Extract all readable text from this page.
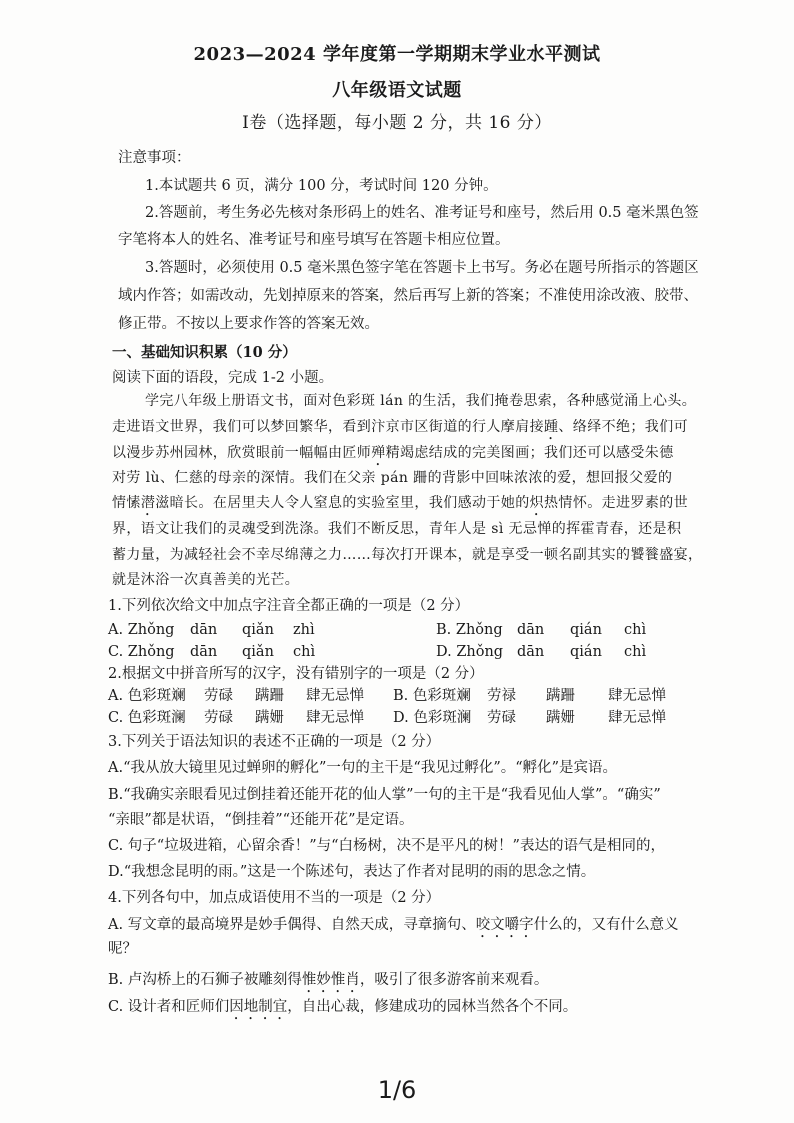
2023—2024 学年度第一学期期末学业水平测试
八年级语文试题
Ⅰ卷（选择题，每小题 2 分，共 16 分）
注意事项：
1.本试题共 6 页，满分 100 分，考试时间 120 分钟。
2.答题前，考生务必先核对条形码上的姓名、准考证号和座号，然后用 0.5 毫米黑色签
字笔将本人的姓名、准考证号和座号填写在答题卡相应位置。
3.答题时，必须使用 0.5 毫米黑色签字笔在答题卡上书写。务必在题号所指示的答题区
域内作答；如需改动，先划掉原来的答案，然后再写上新的答案；不准使用涂改液、胶带、
修正带。不按以上要求作答的答案无效。
一、基础知识积累（10 分）
阅读下面的语段，完成 1-2 小题。
学完八年级上册语文书，面对色彩斑 lán 的生活，我们掩卷思索，各种感觉涌上心头。
走进语文世界，我们可以梦回繁华，看到汴京市区街道的行人摩肩接踵、络绎不绝；我们可
以漫步苏州园林，欣赏眼前一幅幅由匠师殚精竭虑结成的完美图画；我们还可以感受朱德
对劳 lù、仁慈的母亲的深情。我们在父亲 pán 跚的背影中回味浓浓的爱，想回报父爱的
情愫潜滋暗长。在居里夫人令人窒息的实验室里，我们感动于她的炽热情怀。走进罗素的世
界，语文让我们的灵魂受到洗涤。我们不断反思，青年人是 sì 无忌惮的挥霍青春，还是积
蓄力量，为减轻社会不幸尽绵薄之力……每次打开课本，就是享受一顿名副其实的饕餮盛宴，
就是沐浴一次真善美的光芒。
1.下列依次给文中加点字注音全都正确的一项是（2 分）
A. Zhǒng dān qiǎn zhì	B. Zhǒng dān qián chì
C. Zhǒng dān qiǎn chì	D. Zhǒng dān qián chì
2.根据文中拼音所写的汉字，没有错别字的一项是（2 分）
A. 色彩斑斓 劳碌 蹒跚 肆无忌惮 B. 色彩斑斓 劳禄 蹒跚 肆无忌惮
C. 色彩斑澜 劳碌 蹒姗 肆无忌惮 D. 色彩斑澜 劳碌 蹒姗 肆无忌惮
3.下列关于语法知识的表述不正确的一项是（2 分）
A.“我从放大镜里见过蝉卵的孵化”一句的主干是“我见过孵化”。“孵化”是宾语。
B.“我确实亲眼看见过倒挂着还能开花的仙人掌”一句的主干是“我看见仙人掌”。“确实”
“亲眼”都是状语，“倒挂着”“还能开花”是定语。
C. 句子“垃圾进箱，心留余香！”与“白杨树，决不是平凡的树！”表达的语气是相同的，
D.“我想念昆明的雨。”这是一个陈述句，表达了作者对昆明的雨的思念之情。
4.下列各句中，加点成语使用不当的一项是（2 分）
A. 写文章的最高境界是妙手偶得、自然天成，寻章摘句、咬文嚼字什么的，又有什么意义
呢？
B. 卢沟桥上的石狮子被雕刻得惟妙惟肖，吸引了很多游客前来观看。
C. 设计者和匠师们因地制宜，自出心裁，修建成功的园林当然各个不同。
1/6
